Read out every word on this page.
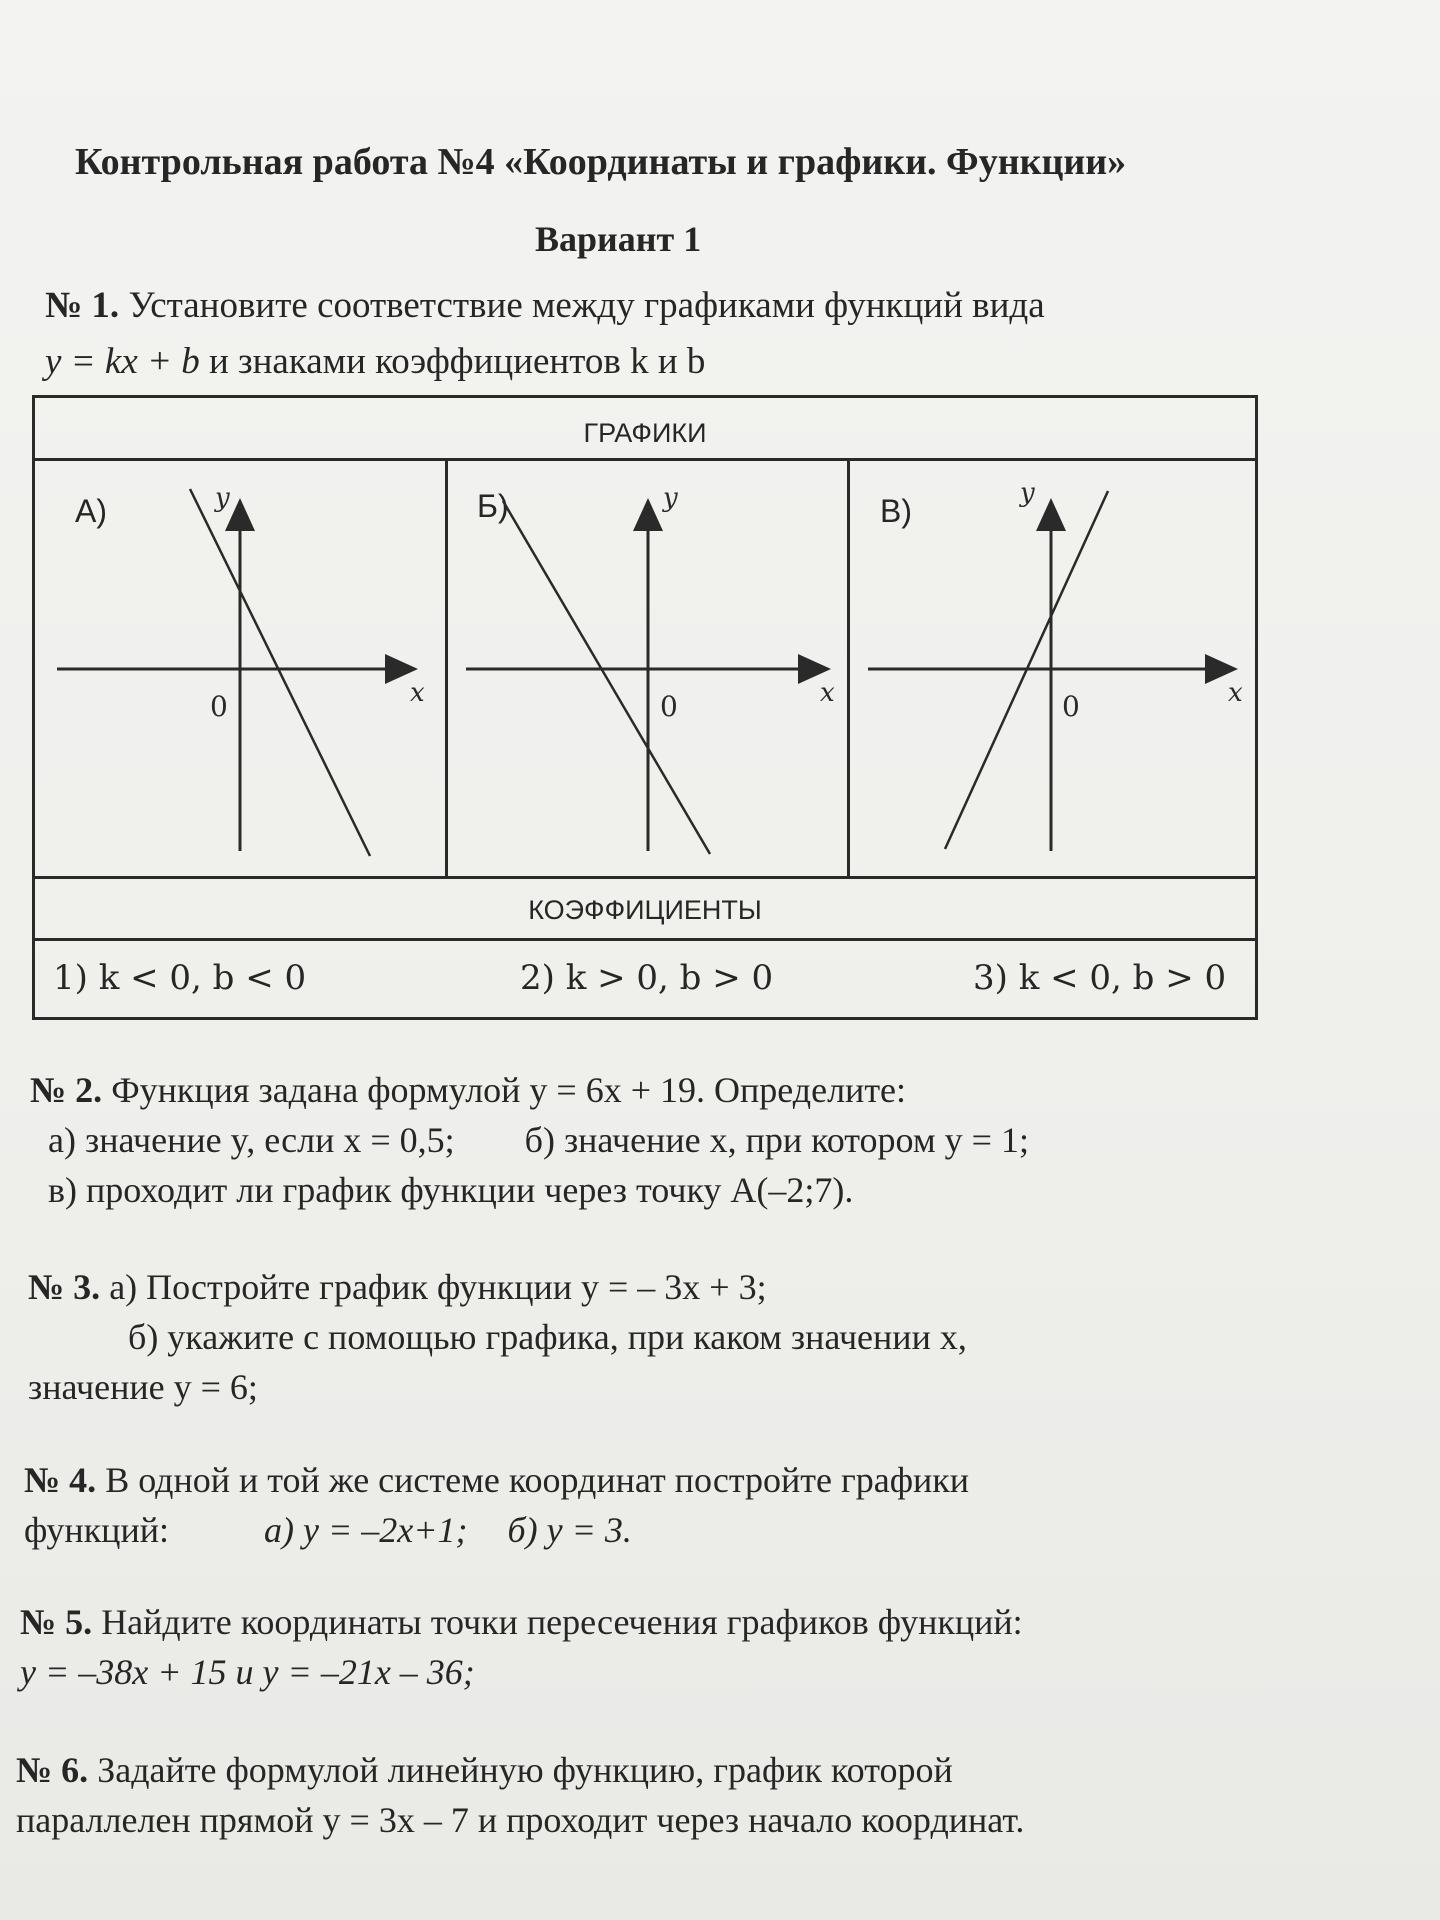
Контрольная работа №4 «Координаты и графики. Функции»
Вариант 1
№ 1. Установите соответствие между графиками функций вида
y = kx + b и знаками коэффициентов k и b
ГРАФИКИ
КОЭФФИЦИЕНТЫ
А)	y
x
0
Б)	y
x
0
В)	y
x
0
1) k < 0, b < 0	2) k > 0, b > 0	3) k < 0, b > 0
№ 2. Функция задана формулой y = 6x + 19. Определите:
а) значение y, если x = 0,5; б) значение x, при котором y = 1;
в) проходит ли график функции через точку А(–2;7).
№ 3. а) Постройте график функции y = – 3x + 3;
б) укажите с помощью графика, при каком значении x,
значение y = 6;
№ 4. В одной и той же системе координат постройте графики
функций:	а) y = –2x+1; б) y = 3.
№ 5. Найдите координаты точки пересечения графиков функций:
y = –38x + 15 и y = –21x – 36;
№ 6. Задайте формулой линейную функцию, график которой
параллелен прямой y = 3x – 7 и проходит через начало координат.
